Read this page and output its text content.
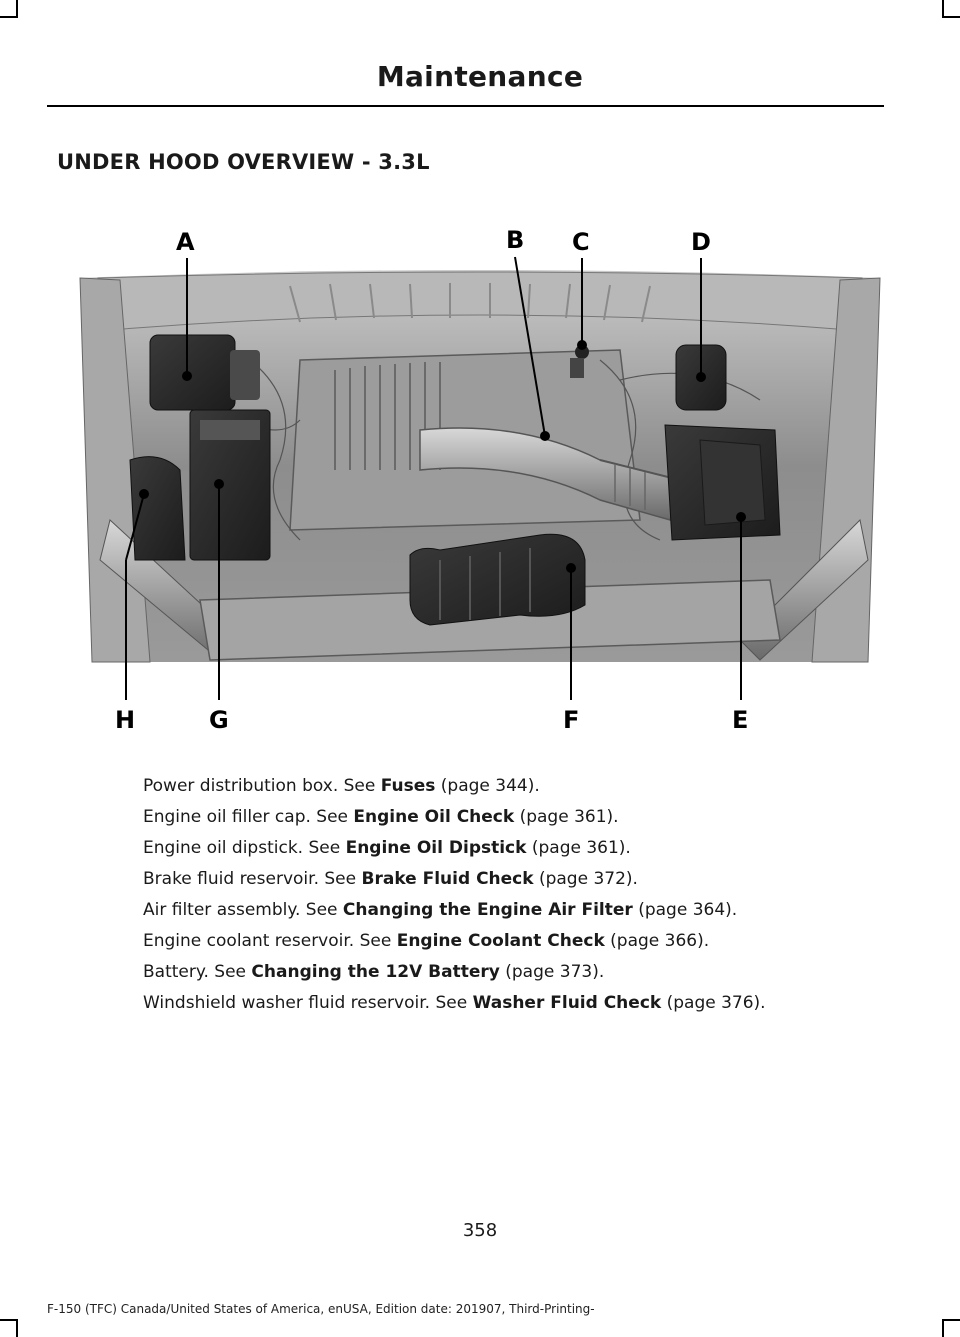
Maintenance
UNDER HOOD OVERVIEW - 3.3L
A	B C	D
E
F
G
H
Power distribution box. See Fuses (page 344).
Engine oil filler cap. See Engine Oil Check (page 361).
Engine oil dipstick. See Engine Oil Dipstick (page 361).
Brake fluid reservoir. See Brake Fluid Check (page 372).
Air filter assembly. See Changing the Engine Air Filter (page 364).
Engine coolant reservoir. See Engine Coolant Check (page 366).
Battery. See Changing the 12V Battery (page 373).
Windshield washer fluid reservoir. See Washer Fluid Check (page 376).
358
F-150 (TFC) Canada/United States of America, enUSA, Edition date: 201907, Third-Printing-
